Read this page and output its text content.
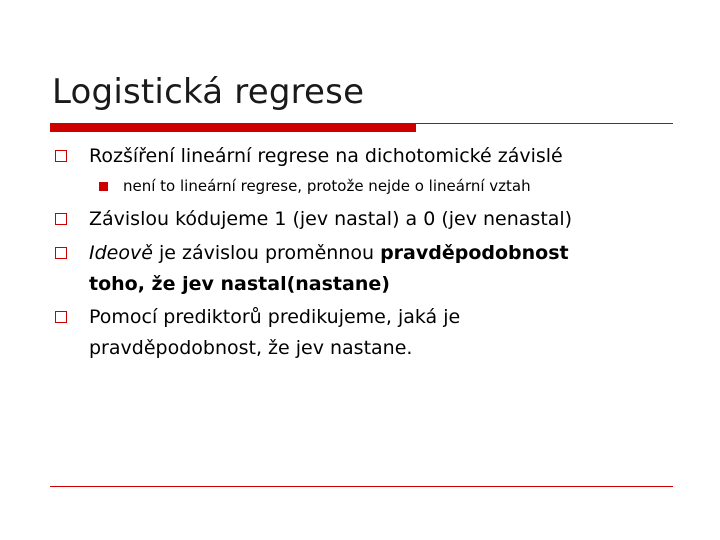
Logistická regrese
Rozšíření lineární regrese na dichotomické závislé
není to lineární regrese, protože nejde o lineární vztah
Závislou kódujeme 1 (jev nastal) a 0 (jev nenastal)
Ideově je závislou proměnnou pravděpodobnost
toho, že jev nastal(nastane)
Pomocí prediktorů predikujeme, jaká je
pravděpodobnost, že jev nastane.
